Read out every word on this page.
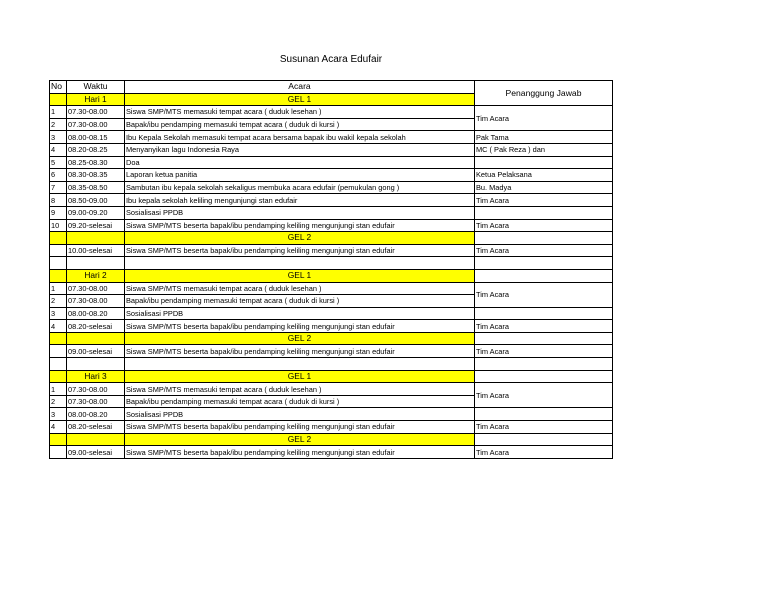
Susunan Acara Edufair
No	Waktu	Acara	Penanggung Jawab
	Hari 1	GEL 1	
1	07.30-08.00	Siswa SMP/MTS memasuki tempat acara ( duduk lesehan )	Tim Acara
2	07.30-08.00	Bapak/ibu pendamping memasuki tempat acara ( duduk di kursi )	
3	08.00-08.15	Ibu Kepala Sekolah memasuki tempat acara bersama bapak ibu wakil kepala sekolah	Pak Tama
4	08.20-08.25	Menyanyikan lagu Indonesia Raya	MC ( Pak Reza ) dan
5	08.25-08.30	Doa	
6	08.30-08.35	Laporan ketua panitia	Ketua Pelaksana
7	08.35-08.50	Sambutan ibu kepala sekolah sekaligus membuka acara edufair (pemukulan gong )	Bu. Madya
8	08.50-09.00	Ibu kepala sekolah keliling mengunjungi stan edufair	Tim Acara
9	09.00-09.20	Sosialisasi PPDB	
10	09.20-selesai	Siswa SMP/MTS beserta bapak/ibu pendamping keliling mengunjungi stan edufair	Tim Acara
		GEL 2	
	10.00-selesai	Siswa SMP/MTS beserta bapak/ibu pendamping keliling mengunjungi stan edufair	Tim Acara

	Hari 2	GEL 1	
1	07.30-08.00	Siswa SMP/MTS memasuki tempat acara ( duduk lesehan )	Tim Acara
2	07.30-08.00	Bapak/ibu pendamping memasuki tempat acara ( duduk di kursi )	
3	08.00-08.20	Sosialisasi PPDB	
4	08.20-selesai	Siswa SMP/MTS beserta bapak/ibu pendamping keliling mengunjungi stan edufair	Tim Acara
		GEL 2	
	09.00-selesai	Siswa SMP/MTS beserta bapak/ibu pendamping keliling mengunjungi stan edufair	Tim Acara

	Hari 3	GEL 1	
1	07.30-08.00	Siswa SMP/MTS memasuki tempat acara ( duduk lesehan )	Tim Acara
2	07.30-08.00	Bapak/ibu pendamping memasuki tempat acara ( duduk di kursi )	
3	08.00-08.20	Sosialisasi PPDB	
4	08.20-selesai	Siswa SMP/MTS beserta bapak/ibu pendamping keliling mengunjungi stan edufair	Tim Acara
		GEL 2	
	09.00-selesai	Siswa SMP/MTS beserta bapak/ibu pendamping keliling mengunjungi stan edufair	Tim Acara
